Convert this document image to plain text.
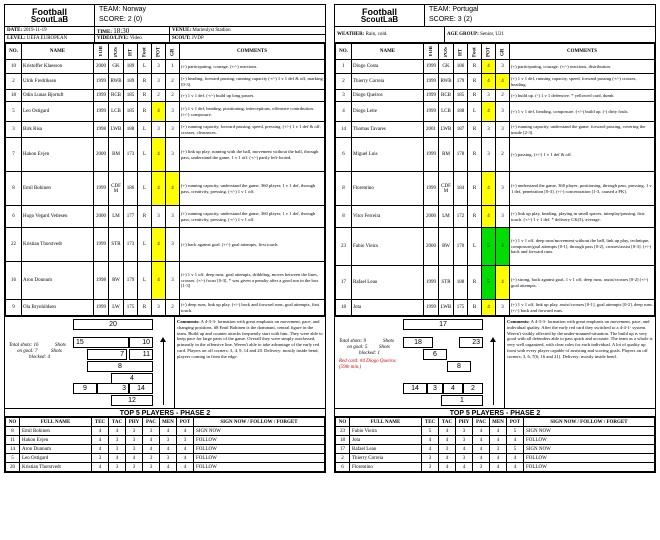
Football
ScoutLaB
TEAM: Norway
SCORE: 2 (0)
DATE: 2019-11-19	TIME: 18:30	VENUE: Marienlyst Stadion
LEVEL: UEFA EUROPEAN	VIDEO/LIVE: Video	SCOUT: JVDP
NO.	NAME	YOB	POS	HT	Foot	POT	GR	COMMENTS
10	Kristoffer Klaesson	2000	GK	189	L	3	1	(+) participating, courage. (+/-) reactions.
2	Ulrik Fredriksen	1999	RWB	189	R	3	2	(+) heading, forward passing, running capacity (+/-) 1 v 1 def & off, marking [0-3].
18	Odin Lunas Bjortuft	1999	RCB	185	R	2	2	(+) 1 v 1 def. (+/-) build up long passes.
5	Leo Ostigard	1999	LCB	185	R	4	3	(+) 1 v 1 def, heading, positioning, interceptions, offensive contribution. (+/-) composure.
3	Birk Risa	1998	LWB	188	L	3	3	(+) running capacity, forward passing, speed, pressing. (+/-) 1 v 1 def & off, crosses, clearances.
7	Hakon Evjen	2000	RM	173	L	4	3	(+) link up play, running with the ball, movement without the ball, through pass, understand the game, 1 v 1 off. (+/-) partly left-footed.
8	Emil Bohinen	1999	CDF M	186	L	4	4	(+) running capacity, understand the game, 360 player, 1 v 1 def, through pass, creativity, pressing. (+/-) 1 v 1 off.
6	Hugo Vegard Vetlesen	2000	LM	177	R	3	3	(+) running capacity, understand the game, 360 player, 1 v 1 def, through pass, creativity, pressing. (+/-) 1 v 1 off.
22	Kristian Thorstvedt	1999	STR	173	L	4	3	(+) back against goal. (+/-) goal attempts, first touch.
16	Aron Donnum	1998	RW	179	L	4	3	(+) 1 v 1 off, deep runs, goal attempts, dribbling, moves between the lines, crosses. (+/-) focus [0-3]. * was given a penalty after a good run in the box [1-3]
9	Ola Brynhildsen	1999	LW	175	R	3	2	(+) deep runs, link up play. (+/-) back and forward runs, goal attempts, first touch.
20
15	10
7	11
8
4
9	3	14
12
Total shots: 16
on goal: 7
blocked: 4
Shots
Shots
Comments: A 4-3-3- formation with great emphasis on movement, pace, and changing positions. #8 Emil Bohinen is the dominant, central figure in the team. Build up and counter attacks frequently start with him. They were able to keep pace for large parts of the game. Overall they were simply outclassed, primarily in the offensive line. Weren't able to take advantage of the early red card. Players on off corners: 3, 4, 9, 14 and 20. Delivery: mostly inside bend, players coming in from the edge.
TOP 5 PLAYERS - PHASE 2
NO	FULL NAME	TEC	TAC	PHY	PAC	MEN	POT	SIGN NOW / FOLLOW / FORGET
8	Emil Bohinen	4	4	3	3	4	4	SIGN NOW
11	Hakon Evjen	4	3	3	4	3	3	FOLLOW
14	Aron Dunnum	4	3	3	4	4	4	FOLLOW
5	Leo Ostigard	3	4	4	3	3	4	FOLLOW
20	Kristian Thorstvedt	4	3	3	3	4	4	FOLLOW
Football
ScoutLaB
TEAM: Portugal
SCORE: 3 (2)
WEATHER: Rain, cold.	AGE GROUP: Senior, U21
NO.	NAME	YOB	POS	HT	Foot	POT	GR	COMMENTS
1	Diogo Costa	1999	GK	186	R	4	3	(+) participating, courage. (+/-) reactions, distribution.
2	Thierry Correia	1999	RWB	179	R	4	4	(+) 1 v 1 def, running capacity, speed, forward passing (+/-) crosses, heading.
3	Diogo Queiros	1999	RCB	185	R	3	2	(+) build up. (-) 1 v 1 defensive. * yellowed card, dumb.
4	Diogo Leite	1999	LCB	188	L	4	3	(+) 1 v 1 def, heading, composure. (+/-) build up. (-) dirty fouls.
14	Thomas Tavares	2001	LWB	187	R	3	3	(+) running capacity, understand the game, forward passing, covering the inside [2-3].
6	Miguel Luis	1999	RM	178	R	3	2	(+) passing. (+/-) 1 v 1 def & off.
8	Florentino	1999	CDF M	184	R	4	3	(+) understand the game, 360 player, positioning, through pass, pressing, 1 v 1 def, penetration [0-3]. (+/-) concentration [1-3, caused a PK].
8	Vitor Ferreira	2000	LM	172	R	4	3	(+) link up play, heading, playing in small spaces, interplay/passing, first touch. (+/-) 1 v 1 def. * delivery CK(5), average.
23	Fabio Vieira	2000	RW	170	L	5	4	(+) 1 v 1 off, deep runs/movement without the ball, link up play, technique, composure/goal attempts [0-1], through pass [0-2], crosses/assist [0-3]. (+/-) back and forward runs.
17	Rafael Leao	1999	STR	188	R	5	4	(+) strong, back against goal, 1 v 1 off, deep runs, assist/crosses [0-2] (+/-) goal attempts.
18	Jota	1999	LWB	175	B	4	3	(+) 1 v 1 off, link up play, assist/crosses [0-1], goal attempts [0-2], deep runs. (+/-) back and forward runs.
17
18	23
6
8
14	3	4	2
1
Total shots: 9
on goal: 5
blocked: 1
Shots
Shots
Red card: #4 Diogo Queiros (59th min.)
Comments: A 4-3-3- formation with great emphasis on movement, pace, and individual quality. After the early red card they switched to a 4-4-1- system. Weren't visibly affected by the under-manned-situation. The build up is very good with all defenders able to pass quick and accurate. The team as a whole is very well organized, with clear roles for each individual. A lot of quality up front with every player capable of assisting and scoring goals. Players on off corners: 3, 6, 7(6, 16 and 21). Delivery: mostly inside bend.
TOP 5 PLAYERS - PHASE 2
NO	FULL NAME	TEC	TAC	PHY	PAC	MEN	POT	SIGN NOW / FOLLOW / FORGET
23	Fabio Vieira	5	4	3	4	4	5	SIGN NOW
18	Jota	4	4	3	4	4	4	FOLLOW
17	Rafael Leao	4	3	4	4	3	5	SIGN NOW
2	Thierry Correia	3	4	3	4	4	4	FOLLOW
6	Florentino	3	4	4	3	4	4	FOLLOW
